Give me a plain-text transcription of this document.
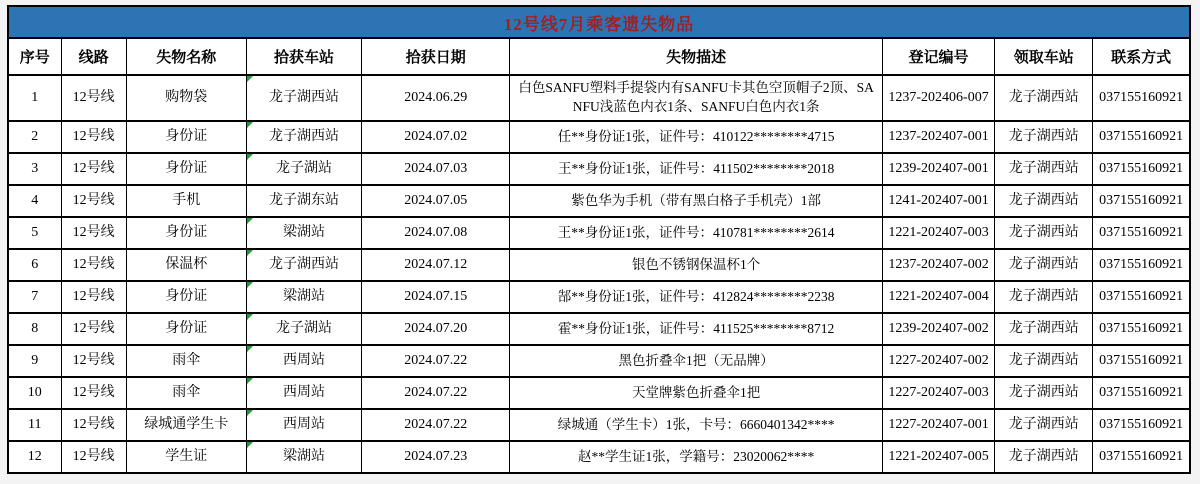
12号线7月乘客遗失物品
序号	线路	失物名称	拾获车站	拾获日期	失物描述	登记编号	领取车站	联系方式
1	12号线	购物袋	龙子湖西站	2024.06.29	白色SANFU塑料手提袋内有SANFU卡其色空顶帽子2顶、SANFU浅蓝色内衣1条、SANFU白色内衣1条	1237-202406-007	龙子湖西站	037155160921
2	12号线	身份证	龙子湖西站	2024.07.02	任**身份证1张，证件号：410122********4715	1237-202407-001	龙子湖西站	037155160921
3	12号线	身份证	龙子湖站	2024.07.03	王**身份证1张，证件号：411502********2018	1239-202407-001	龙子湖西站	037155160921
4	12号线	手机	龙子湖东站	2024.07.05	紫色华为手机（带有黑白格子手机壳）1部	1241-202407-001	龙子湖西站	037155160921
5	12号线	身份证	梁湖站	2024.07.08	王**身份证1张，证件号：410781********2614	1221-202407-003	龙子湖西站	037155160921
6	12号线	保温杯	龙子湖西站	2024.07.12	银色不锈钢保温杯1个	1237-202407-002	龙子湖西站	037155160921
7	12号线	身份证	梁湖站	2024.07.15	郜**身份证1张，证件号：412824********2238	1221-202407-004	龙子湖西站	037155160921
8	12号线	身份证	龙子湖站	2024.07.20	霍**身份证1张，证件号：411525********8712	1239-202407-002	龙子湖西站	037155160921
9	12号线	雨伞	西周站	2024.07.22	黑色折叠伞1把（无品牌）	1227-202407-002	龙子湖西站	037155160921
10	12号线	雨伞	西周站	2024.07.22	天堂牌紫色折叠伞1把	1227-202407-003	龙子湖西站	037155160921
11	12号线	绿城通学生卡	西周站	2024.07.22	绿城通（学生卡）1张，卡号：6660401342****	1227-202407-001	龙子湖西站	037155160921
12	12号线	学生证	梁湖站	2024.07.23	赵**学生证1张，学籍号：23020062****	1221-202407-005	龙子湖西站	037155160921
